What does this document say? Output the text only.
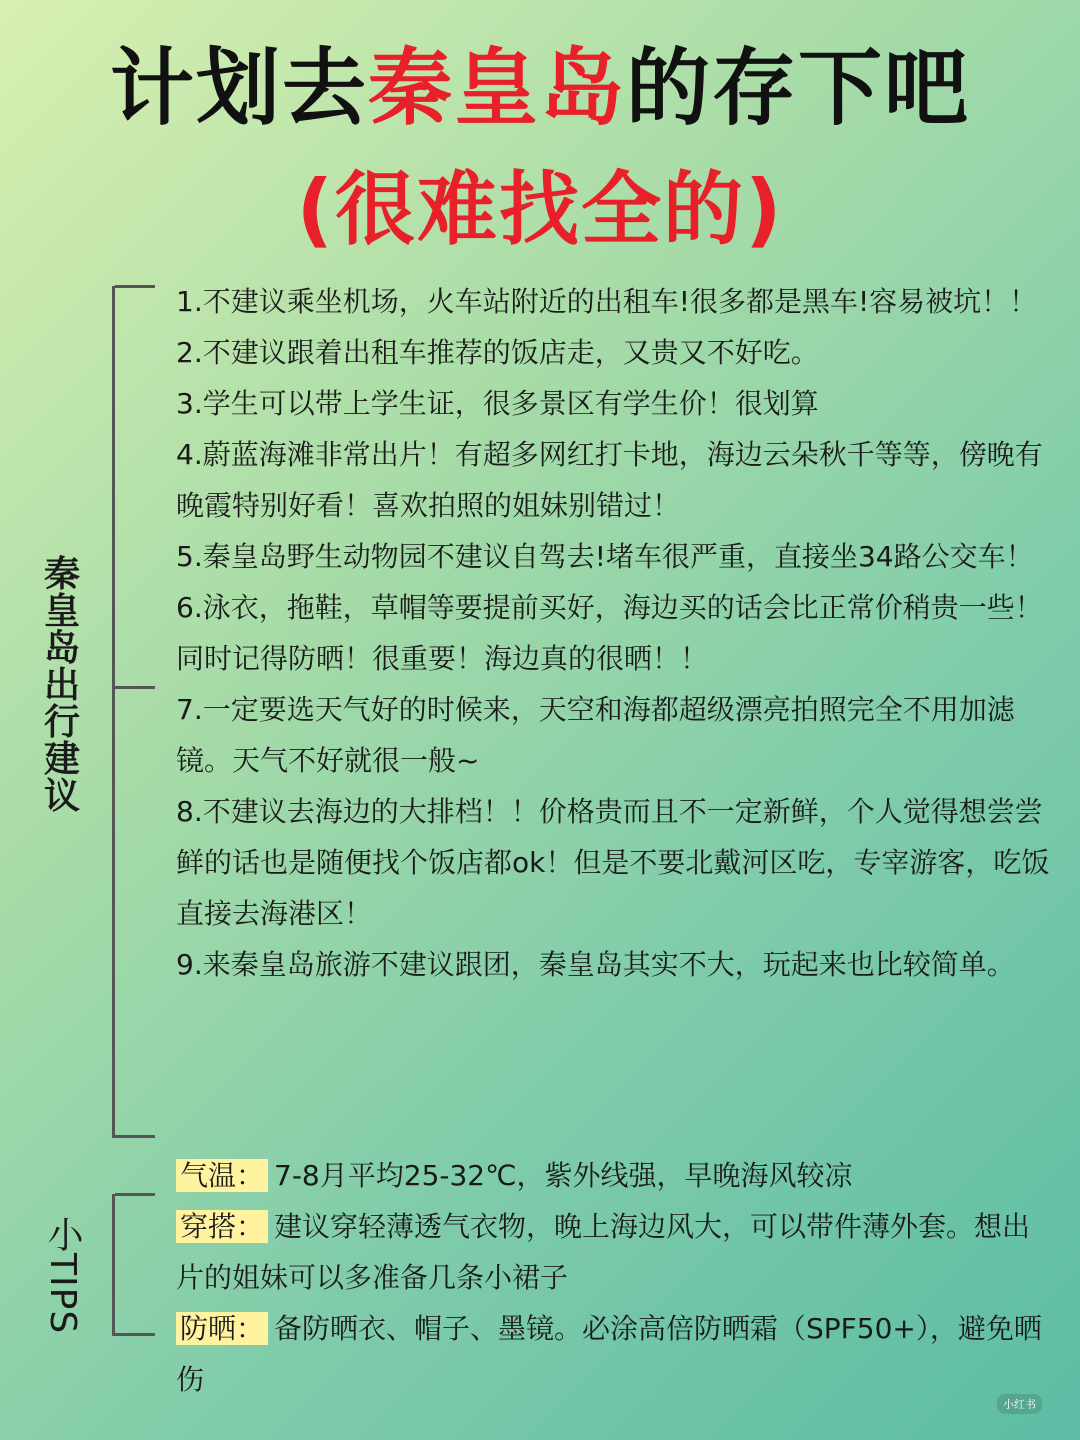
计划去秦皇岛的存下吧
(很难找全的)
秦皇岛出行建议

1.不建议乘坐机场，火车站附近的出租车!很多都是黑车!容易被坑！！

2.不建议跟着出租车推荐的饭店走，又贵又不好吃。

3.学生可以带上学生证，很多景区有学生价！很划算

4.蔚蓝海滩非常出片！有超多网红打卡地，海边云朵秋千等等，傍晚有晚霞特别好看！喜欢拍照的姐妹别错过！

5.秦皇岛野生动物园不建议自驾去!堵车很严重，直接坐34路公交车！

6.泳衣，拖鞋，草帽等要提前买好，海边买的话会比正常价稍贵一些！同时记得防晒！很重要！海边真的很晒！！

7.一定要选天气好的时候来，天空和海都超级漂亮拍照完全不用加滤镜。天气不好就很一般~

8.不建议去海边的大排档！！价格贵而且不一定新鲜，个人觉得想尝尝鲜的话也是随便找个饭店都ok！但是不要北戴河区吃，专宰游客，吃饭直接去海港区！

9.来秦皇岛旅游不建议跟团，秦皇岛其实不大，玩起来也比较简单。

小TIPS

气温： 7-8月平均25-32℃，紫外线强，早晚海风较凉

穿搭： 建议穿轻薄透气衣物，晚上海边风大，可以带件薄外套。想出片的姐妹可以多准备几条小裙子

防晒： 备防晒衣、帽子、墨镜。必涂高倍防晒霜（SPF50+），避免晒伤

小红书
